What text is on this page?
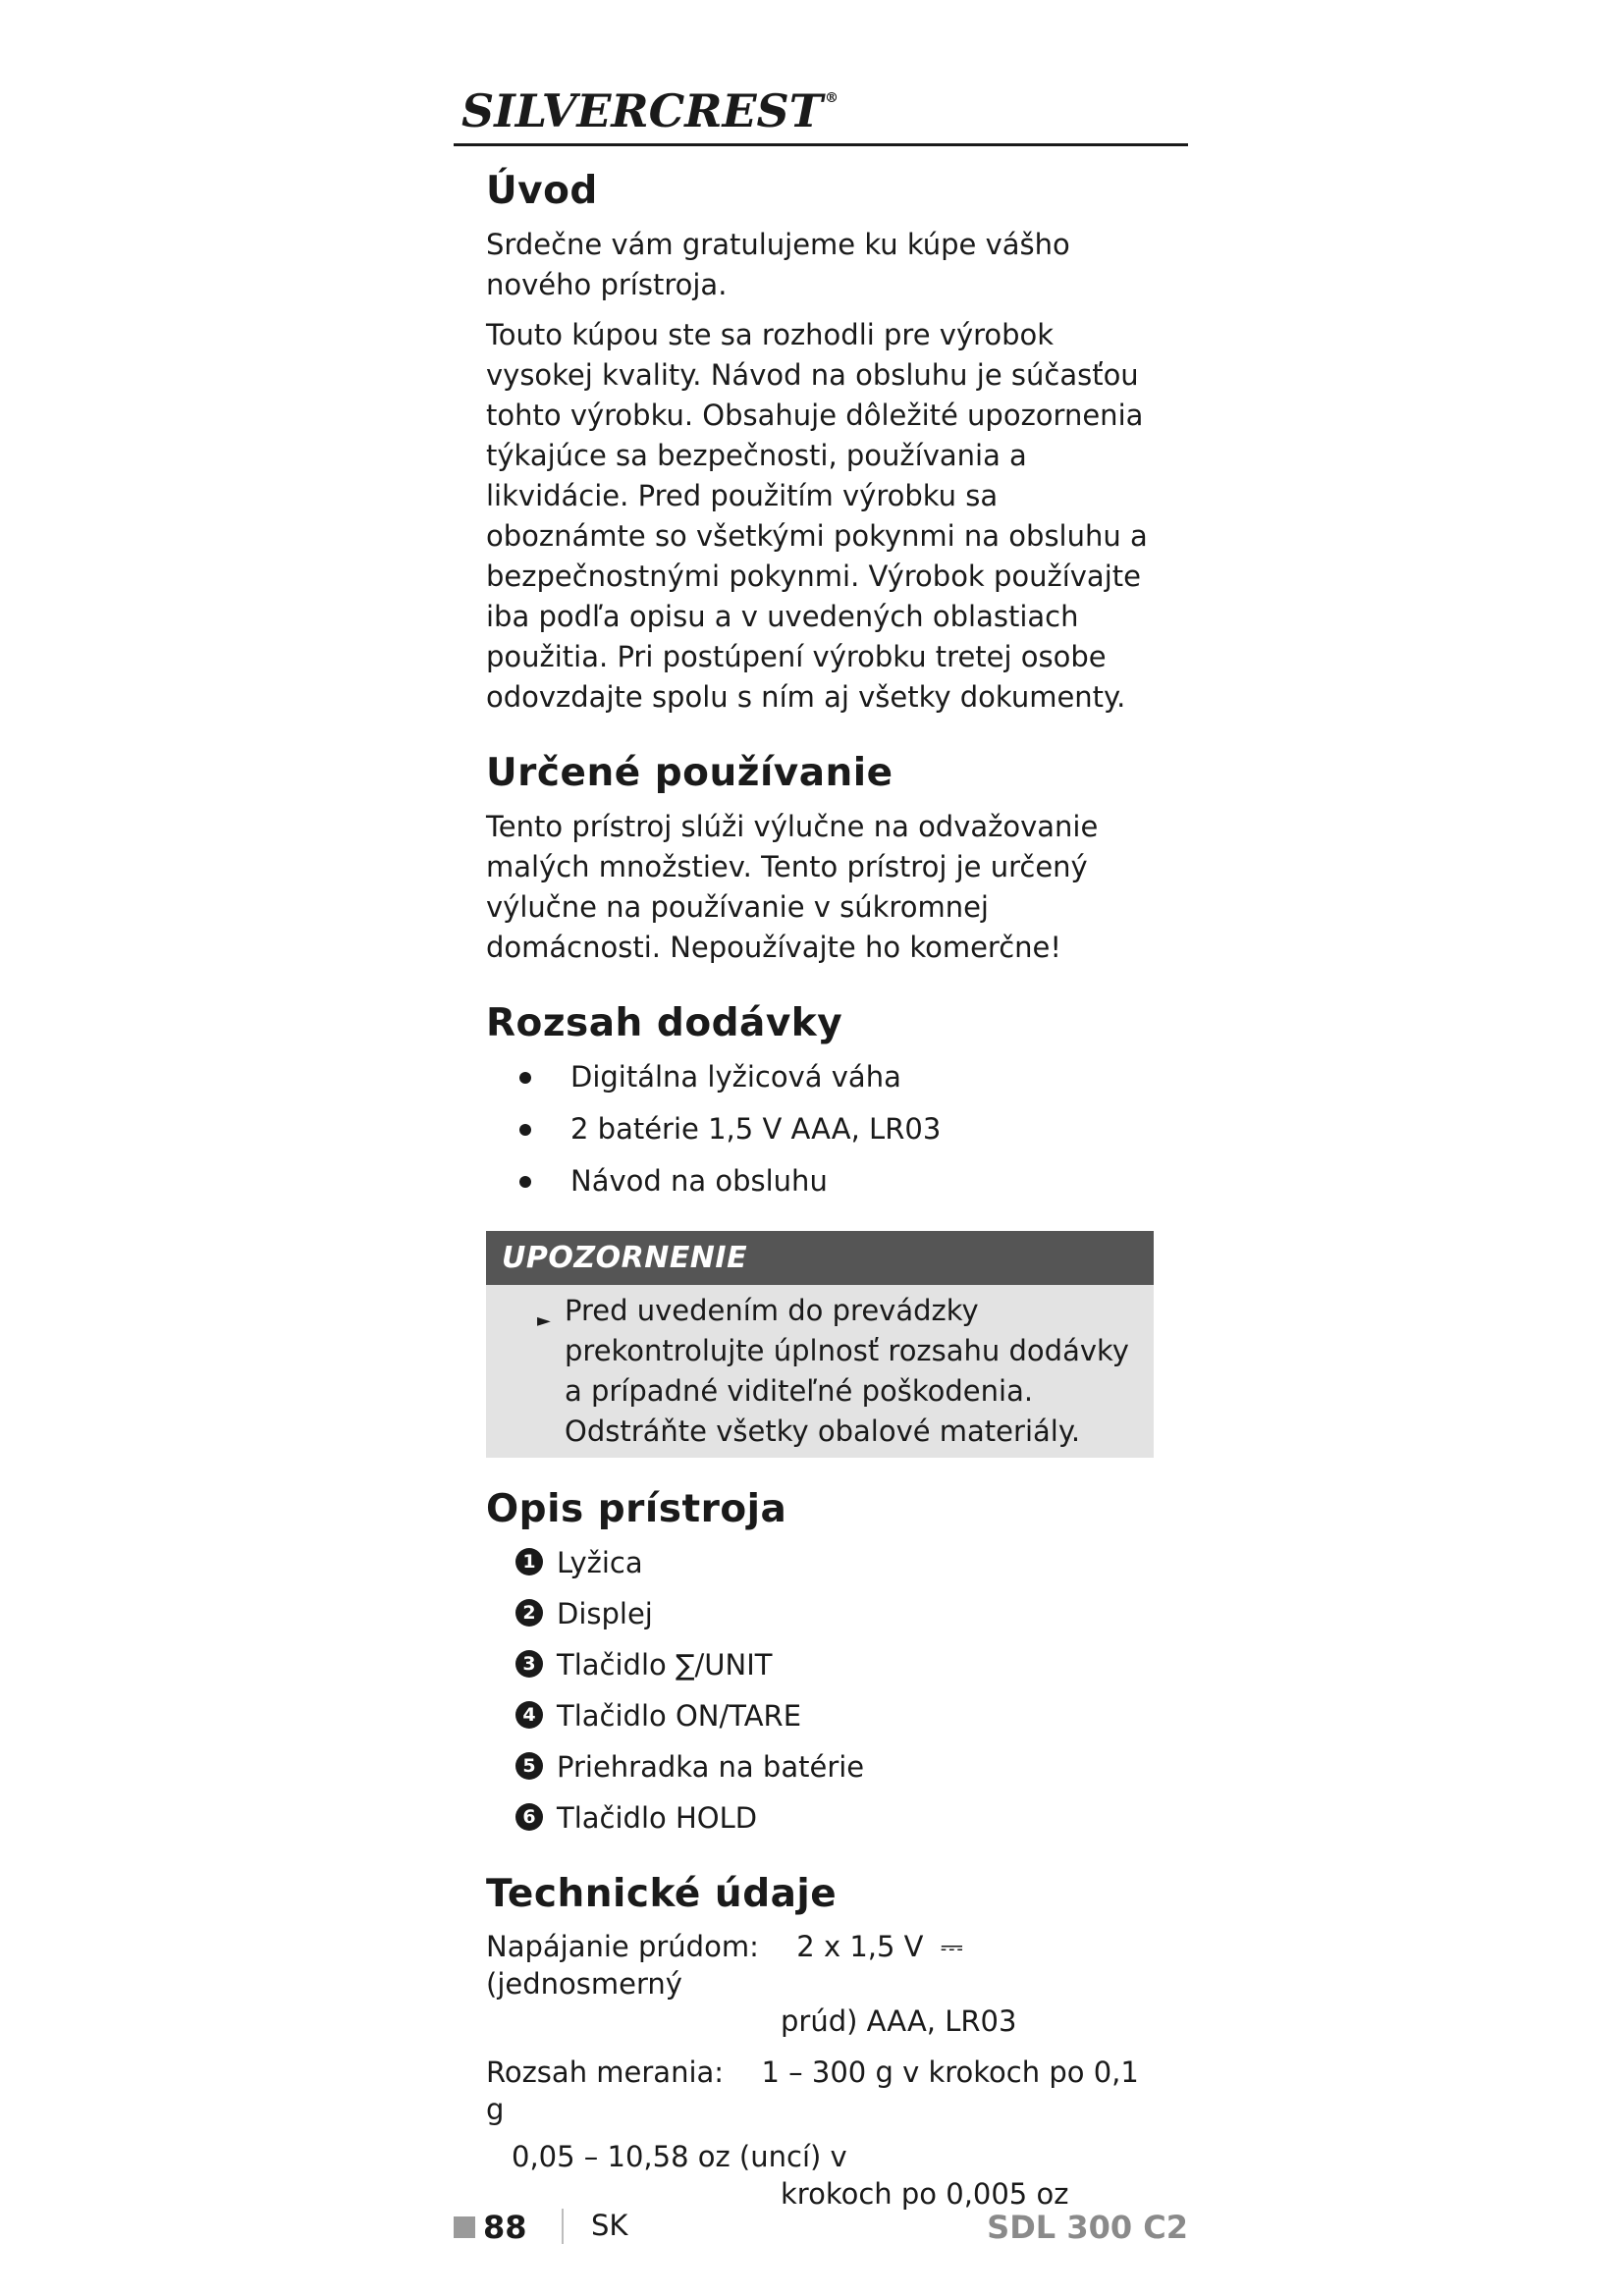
SILVERCREST ®
Úvod

Srdečne vám gratulujeme ku kúpe vášho nového prístroja.

Touto kúpou ste sa rozhodli pre výrobok vysokej kvality. Návod na obsluhu je súčasťou tohto výrobku. Obsahuje dôležité upozornenia týkajúce sa bezpečnosti, používania a likvidácie. Pred použitím výrobku sa oboznámte so všetkými pokynmi na obsluhu a bezpečnostnými pokynmi. Výrobok používajte iba podľa opisu a v uvedených oblastiach použitia. Pri postúpení výrobku tretej osobe odovzdajte spolu s ním aj všetky dokumenty.

Určené používanie

Tento prístroj slúži výlučne na odvažovanie malých množstiev. Tento prístroj je určený výlučne na používanie v súkromnej domácnosti. Nepoužívajte ho komerčne!

Rozsah dodávky
Digitálna lyžicová váha
2 batérie 1,5 V AAA, LR03
Návod na obsluhu
UPOZORNENIE
► Pred uvedením do prevádzky prekontrolujte úplnosť rozsahu dodávky a prípadné viditeľné poškodenia. Odstráňte všetky obalové materiály.
Opis prístroja
1 Lyžica
2 Displej
3 Tlačidlo ∑/UNIT
4 Tlačidlo ON/TARE
5 Priehradka na batérie
6 Tlačidlo HOLD
Technické údaje
Napájanie prúdom: 2 x 1,5 V ⎓ (jednosmerný
prúd) AAA, LR03
Rozsah merania: 1 – 300 g v krokoch po 0,1 g
0,05 – 10,58 oz (uncí) v
krokoch po 0,005 oz
88 SK	SDL 300 C2
